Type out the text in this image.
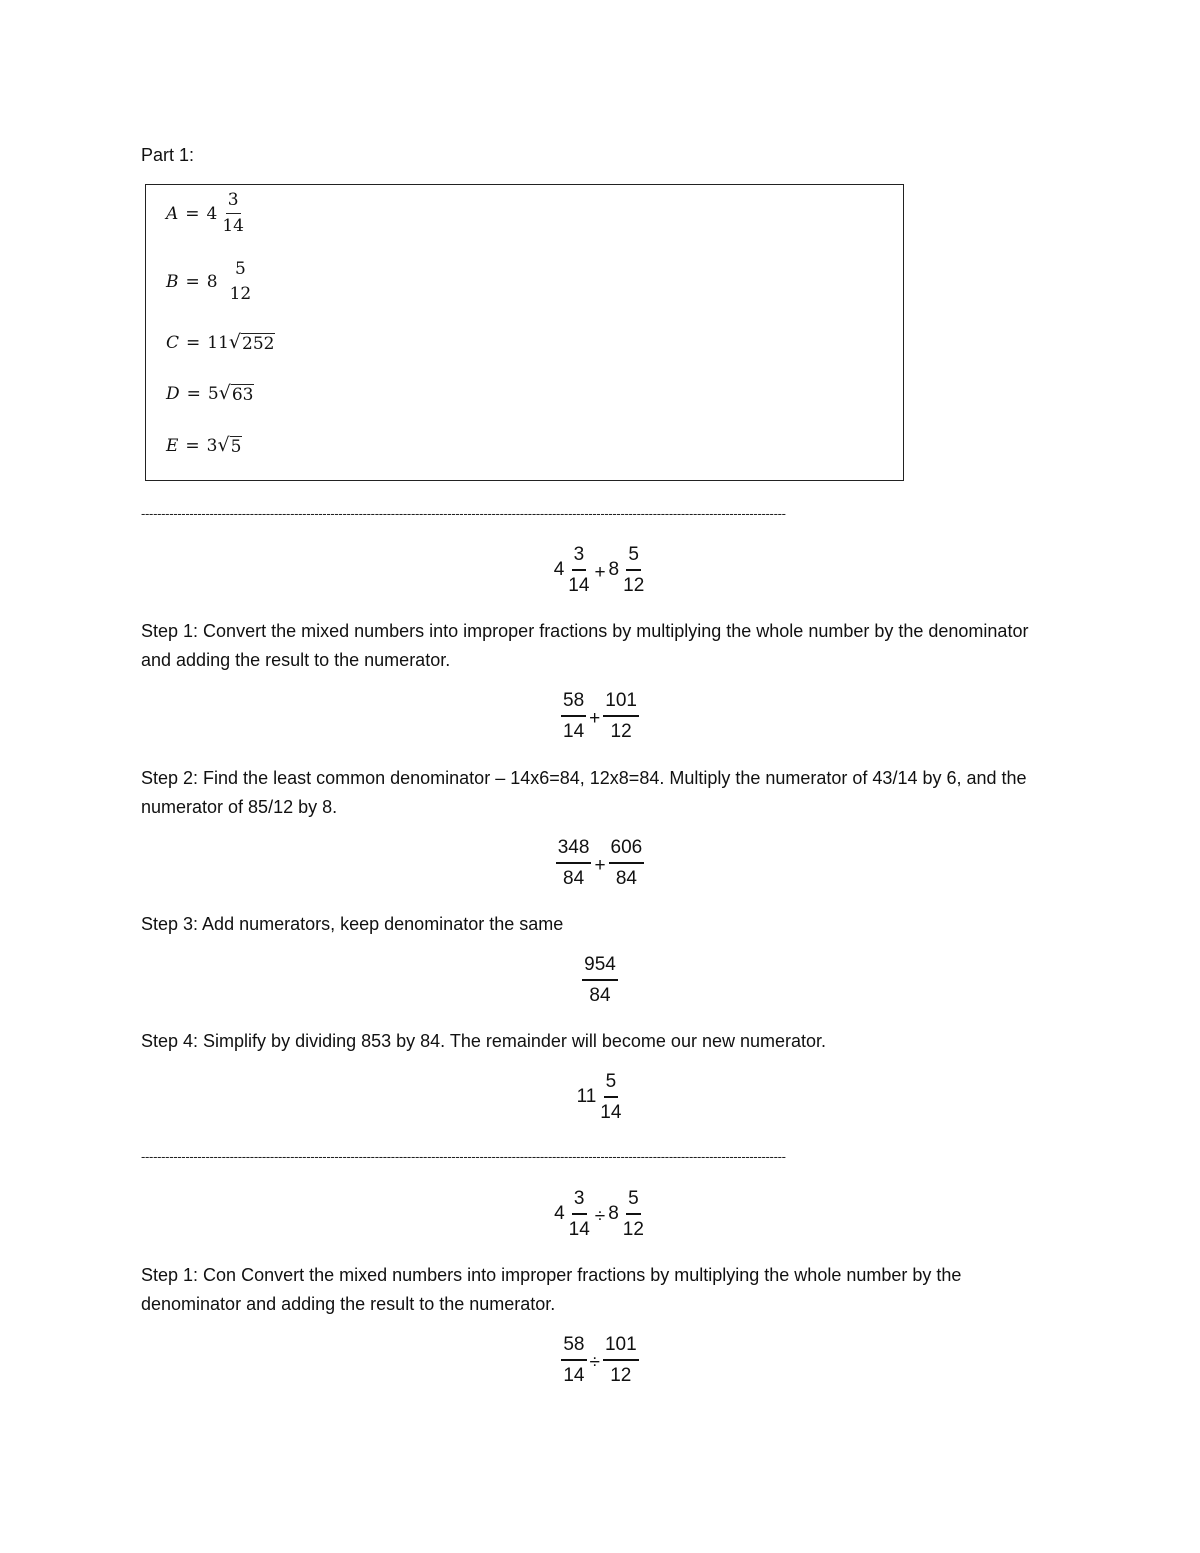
Part 1:
$A = 4 \frac{3}{14}$
B = 8
5
12
C = 11 √ 252
D = 5 √ 63
E = 3 √ 5
----------------------------------------------------------------------------------------------------------------------------------------------------------------
$4 \frac{3}{14} + 8 \frac{5}{12}$
Step 1: Convert the mixed numbers into improper fractions by multiplying the whole number by the denominator and adding the result to the numerator.
$\frac{58}{14} + \frac{101}{12}$
Step 2: Find the least common denominator – 14x6=84, 12x8=84. Multiply the numerator of 43/14 by 6, and the numerator of 85/12 by 8.
$\frac{348}{84} + \frac{606}{84}$
Step 3: Add numerators, keep denominator the same
$\frac{954}{84}$
Step 4: Simplify by dividing 853 by 84. The remainder will become our new numerator.
$11 \frac{5}{14}$
----------------------------------------------------------------------------------------------------------------------------------------------------------------
$4 \frac{3}{14} \div 8 \frac{5}{12}$
Step 1: Con Convert the mixed numbers into improper fractions by multiplying the whole number by the denominator and adding the result to the numerator.
$\frac{58}{14} \div \frac{101}{12}$
